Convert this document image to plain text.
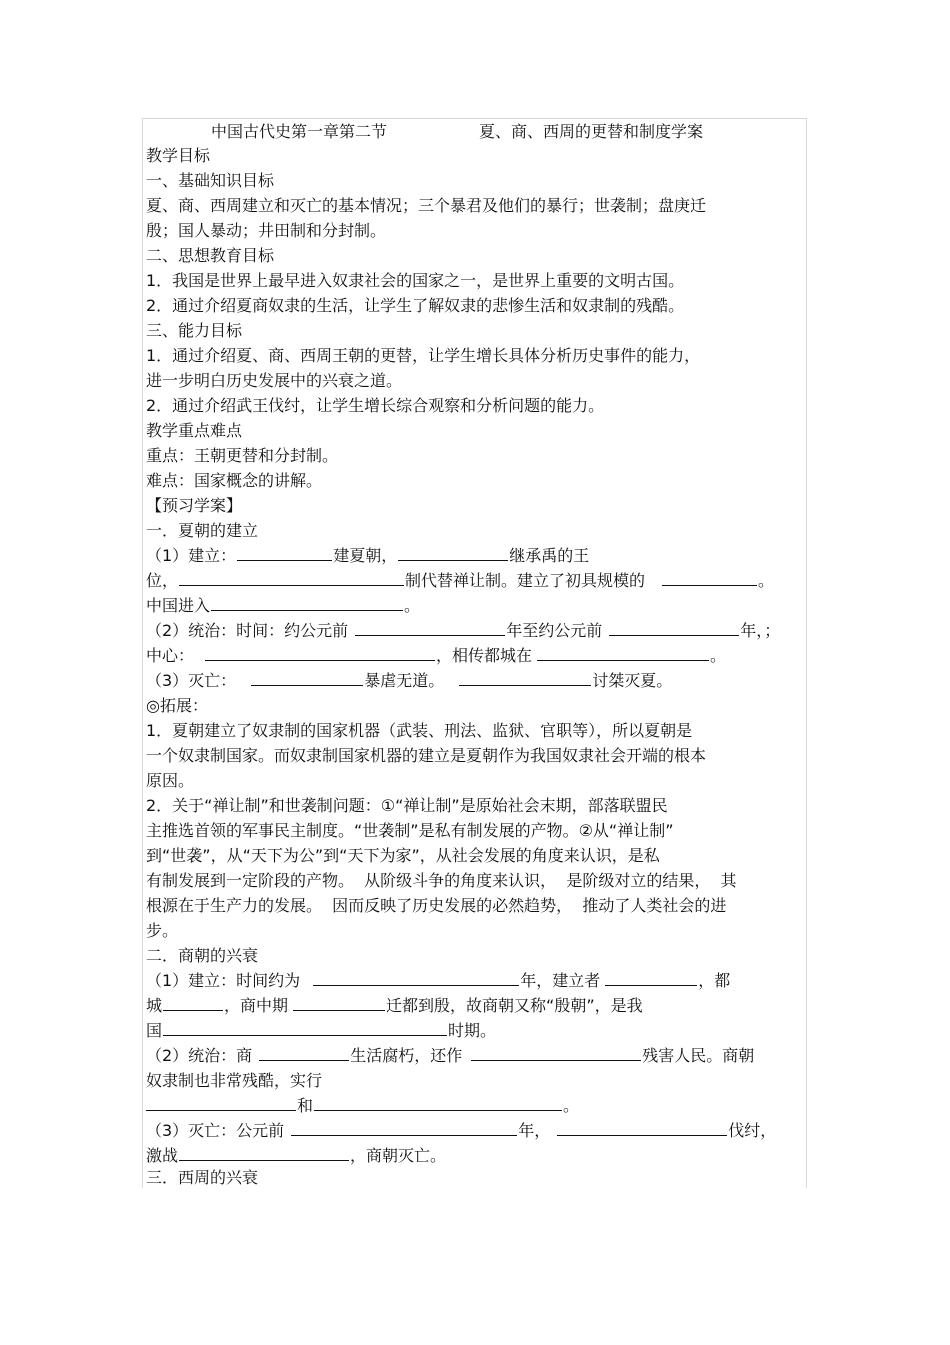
中国古代史第一章第二节	夏、商、西周的更替和制度学案
教学目标
一、基础知识目标
夏、商、西周建立和灭亡的基本情况；三个暴君及他们的暴行；世袭制；盘庚迁
殷；国人暴动；井田制和分封制。
二、思想教育目标
1．我国是世界上最早进入奴隶社会的国家之一，是世界上重要的文明古国。
2．通过介绍夏商奴隶的生活，让学生了解奴隶的悲惨生活和奴隶制的残酷。
三、能力目标
1．通过介绍夏、商、西周王朝的更替，让学生增长具体分析历史事件的能力，
进一步明白历史发展中的兴衰之道。
2．通过介绍武王伐纣，让学生增长综合观察和分析问题的能力。
教学重点难点
重点：王朝更替和分封制。
难点：国家概念的讲解。
【预习学案】
一．夏朝的建立
（1）建立：	建夏朝，	继承禹的王
位，	制代替禅让制。建立了初具规模的	。
中国进入	。
（2）统治：时间：约公元前	年至约公元前	年，；
中心：	，相传都城在	。
（3）灭亡：	暴虐无道。	讨桀灭夏。
◎拓展：
1．夏朝建立了奴隶制的国家机器（武装、刑法、监狱、官职等），所以夏朝是
一个奴隶制国家。而奴隶制国家机器的建立是夏朝作为我国奴隶社会开端的根本
原因。
2．关于“禅让制”和世袭制问题：①“禅让制”是原始社会末期，部落联盟民
主推选首领的军事民主制度。“世袭制”是私有制发展的产物。②从“禅让制”
到“世袭”，从“天下为公”到“天下为家”，从社会发展的角度来认识，是私
有制发展到一定阶段的产物。  从阶级斗争的角度来认识，  是阶级对立的结果，  其
根源在于生产力的发展。  因而反映了历史发展的必然趋势，  推动了人类社会的进
步。
二．商朝的兴衰
（1）建立：时间约为	年，建立者	，都
城	，商中期	迁都到殷，故商朝又称“殷朝”，是我
国	时期。
（2）统治：商	生活腐朽，还作	残害人民。商朝
奴隶制也非常残酷，实行
和	。
（3）灭亡：公元前	年，	伐纣，
激战	，商朝灭亡。
三．西周的兴衰
